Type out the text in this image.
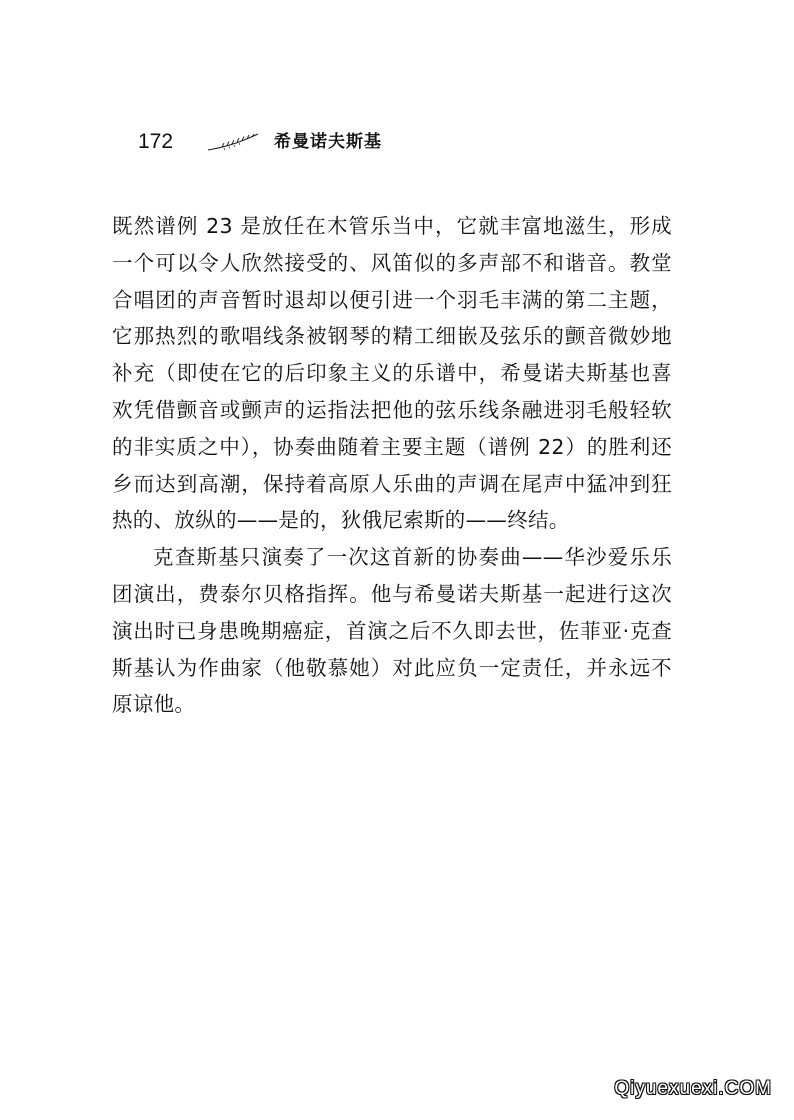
172	希曼诺夫斯基

既然谱例 23 是放任在木管乐当中，它就丰富地滋生，形成一个可以令人欣然接受的、风笛似的多声部不和谐音。教堂合唱团的声音暂时退却以便引进一个羽毛丰满的第二主题，它那热烈的歌唱线条被钢琴的精工细嵌及弦乐的颤音微妙地补充（即使在它的后印象主义的乐谱中，希曼诺夫斯基也喜欢凭借颤音或颤声的运指法把他的弦乐线条融进羽毛般轻软的非实质之中），协奏曲随着主要主题（谱例 22）的胜利还乡而达到高潮，保持着高原人乐曲的声调在尾声中猛冲到狂热的、放纵的——是的，狄俄尼索斯的——终结。

克查斯基只演奏了一次这首新的协奏曲——华沙爱乐乐团演出，费泰尔贝格指挥。他与希曼诺夫斯基一起进行这次演出时已身患晚期癌症，首演之后不久即去世，佐菲亚·克查斯基认为作曲家（他敬慕她）对此应负一定责任，并永远不原谅他。

Qiyuexuexi.COM
